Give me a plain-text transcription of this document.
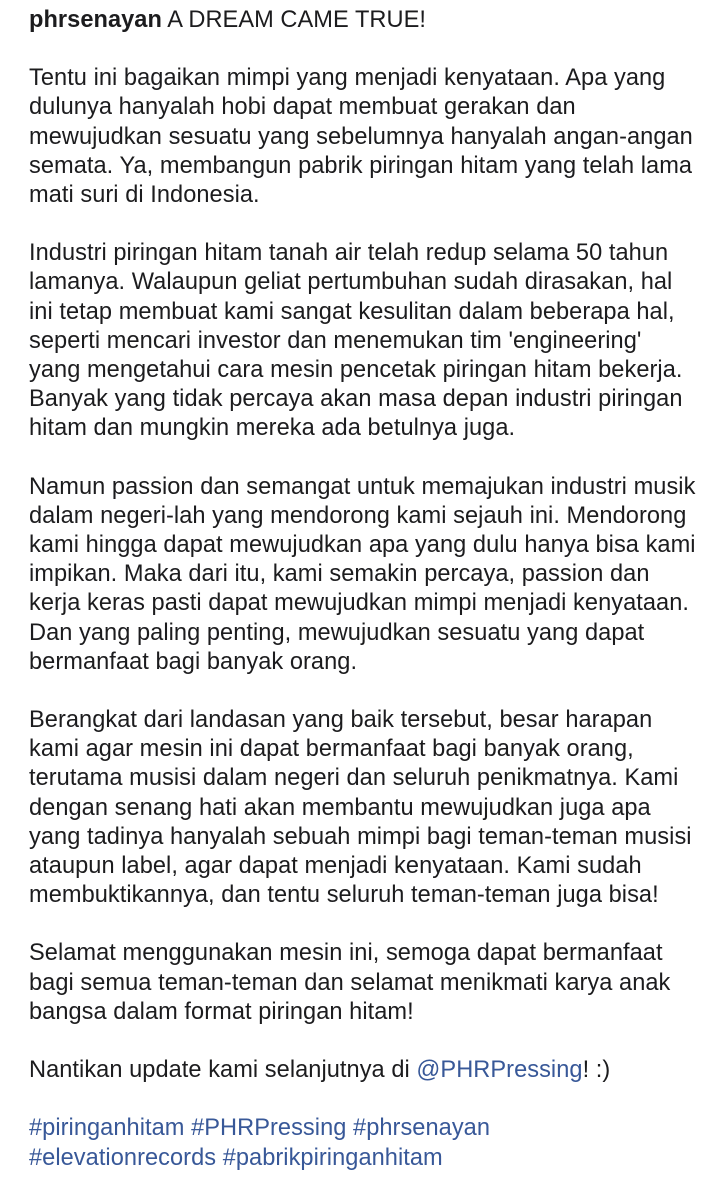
phrsenayan A DREAM CAME TRUE!

Tentu ini bagaikan mimpi yang menjadi kenyataan. Apa yang dulunya hanyalah hobi dapat membuat gerakan dan mewujudkan sesuatu yang sebelumnya hanyalah angan-angan semata. Ya, membangun pabrik piringan hitam yang telah lama mati suri di Indonesia.

Industri piringan hitam tanah air telah redup selama 50 tahun lamanya. Walaupun geliat pertumbuhan sudah dirasakan, hal ini tetap membuat kami sangat kesulitan dalam beberapa hal, seperti mencari investor dan menemukan tim 'engineering' yang mengetahui cara mesin pencetak piringan hitam bekerja. Banyak yang tidak percaya akan masa depan industri piringan hitam dan mungkin mereka ada betulnya juga.

Namun passion dan semangat untuk memajukan industri musik dalam negeri-lah yang mendorong kami sejauh ini. Mendorong kami hingga dapat mewujudkan apa yang dulu hanya bisa kami impikan. Maka dari itu, kami semakin percaya, passion dan kerja keras pasti dapat mewujudkan mimpi menjadi kenyataan. Dan yang paling penting, mewujudkan sesuatu yang dapat bermanfaat bagi banyak orang.

Berangkat dari landasan yang baik tersebut, besar harapan kami agar mesin ini dapat bermanfaat bagi banyak orang, terutama musisi dalam negeri dan seluruh penikmatnya. Kami dengan senang hati akan membantu mewujudkan juga apa yang tadinya hanyalah sebuah mimpi bagi teman-teman musisi ataupun label, agar dapat menjadi kenyataan. Kami sudah membuktikannya, dan tentu seluruh teman-teman juga bisa!

Selamat menggunakan mesin ini, semoga dapat bermanfaat bagi semua teman-teman dan selamat menikmati karya anak bangsa dalam format piringan hitam!

Nantikan update kami selanjutnya di @PHRPressing! :)

#piringanhitam #PHRPressing #phrsenayan
#elevationrecords #pabrikpiringanhitam
